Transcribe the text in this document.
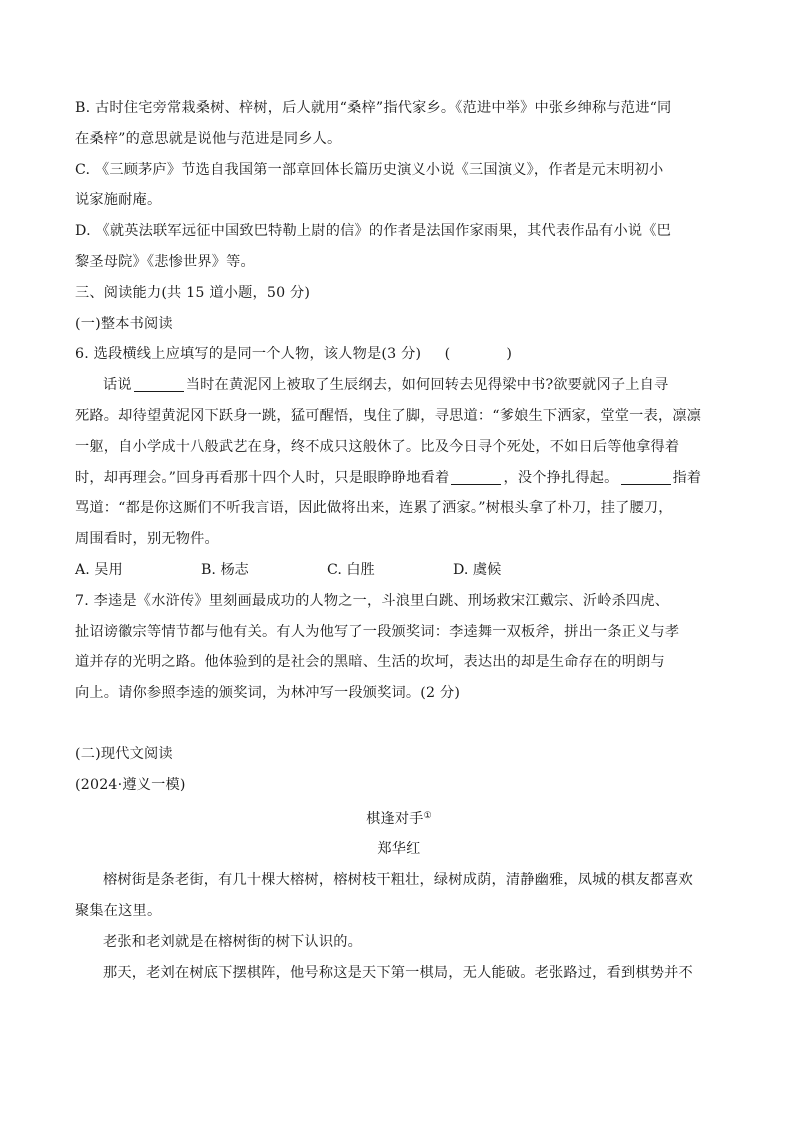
B. 古时住宅旁常栽桑树、梓树，后人就用“桑梓”指代家乡。《范进中举》中张乡绅称与范进“同
在桑梓”的意思就是说他与范进是同乡人。
C. 《三顾茅庐》节选自我国第一部章回体长篇历史演义小说《三国演义》，作者是元末明初小
说家施耐庵。
D. 《就英法联军远征中国致巴特勒上尉的信》的作者是法国作家雨果，其代表作品有小说《巴
黎圣母院》《悲惨世界》等。
三、阅读能力(共 15 道小题，50 分)
(一)整本书阅读
6. 选段横线上应填写的是同一个人物，该人物是(3 分) (	)
话说	当时在黄泥冈上被取了生辰纲去，如何回转去见得梁中书?欲要就冈子上自寻
死路。却待望黄泥冈下跃身一跳，猛可醒悟，曳住了脚，寻思道：“爹娘生下洒家，堂堂一表，凛凛
一躯，自小学成十八般武艺在身，终不成只这般休了。比及今日寻个死处，不如日后等他拿得着
时，却再理会。”回身再看那十四个人时，只是眼睁睁地看着	，没个挣扎得起。	指着
骂道：“都是你这厮们不听我言语，因此做将出来，连累了洒家。”树根头拿了朴刀，挂了腰刀，
周围看时，别无物件。
A. 吴用	B. 杨志	C. 白胜	D. 虞候
7. 李逵是《水浒传》里刻画最成功的人物之一，斗浪里白跳、刑场救宋江戴宗、沂岭杀四虎、
扯诏谤徽宗等情节都与他有关。有人为他写了一段颁奖词：李逵舞一双板斧，拼出一条正义与孝
道并存的光明之路。他体验到的是社会的黑暗、生活的坎坷，表达出的却是生命存在的明朗与
向上。请你参照李逵的颁奖词，为林冲写一段颁奖词。(2 分)
(二)现代文阅读
(2024·遵义一模)
棋逢对手①
郑华红
榕树街是条老街，有几十棵大榕树，榕树枝干粗壮，绿树成荫，清静幽雅，凤城的棋友都喜欢
聚集在这里。
老张和老刘就是在榕树街的树下认识的。
那天，老刘在树底下摆棋阵，他号称这是天下第一棋局，无人能破。老张路过，看到棋势并不
